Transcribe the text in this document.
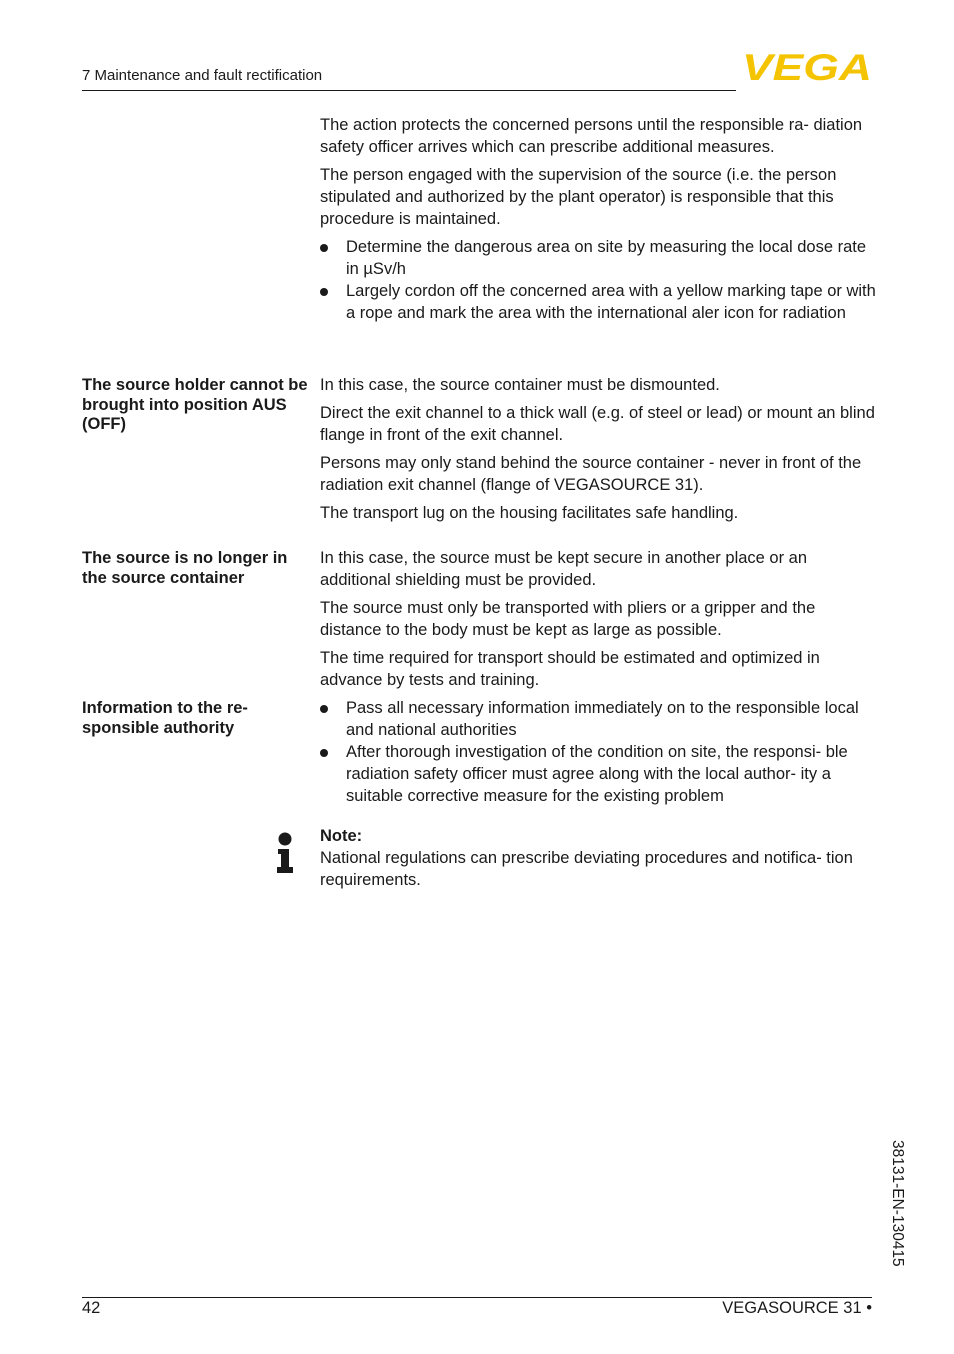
7 Maintenance and fault rectification	VEGA

The action protects the concerned persons until the responsible ra- diation safety officer arrives which can prescribe additional measures.

The person engaged with the supervision of the source (i.e. the person stipulated and authorized by the plant operator) is responsible that this procedure is maintained.

Determine the dangerous area on site by measuring the local dose rate in µSv/h
Largely cordon off the concerned area with a yellow marking tape or with a rope and mark the area with the international aler icon for radiation

The source holder cannot be brought into position AUS (OFF)

In this case, the source container must be dismounted.

Direct the exit channel to a thick wall (e.g. of steel or lead) or mount an blind flange in front of the exit channel.

Persons may only stand behind the source container - never in front of the radiation exit channel (flange of VEGASOURCE 31).

The transport lug on the housing facilitates safe handling.

The source is no longer in the source container

In this case, the source must be kept secure in another place or an additional shielding must be provided.

The source must only be transported with pliers or a gripper and the distance to the body must be kept as large as possible.

The time required for transport should be estimated and optimized in advance by tests and training.

Information to the re- sponsible authority

Pass all necessary information immediately on to the responsible local and national authorities
After thorough investigation of the condition on site, the responsi- ble radiation safety officer must agree along with the local author- ity a suitable corrective measure for the existing problem
Note:
National regulations can prescribe deviating procedures and notifica- tion requirements.
38131-EN-130415
42	VEGASOURCE 31 •
